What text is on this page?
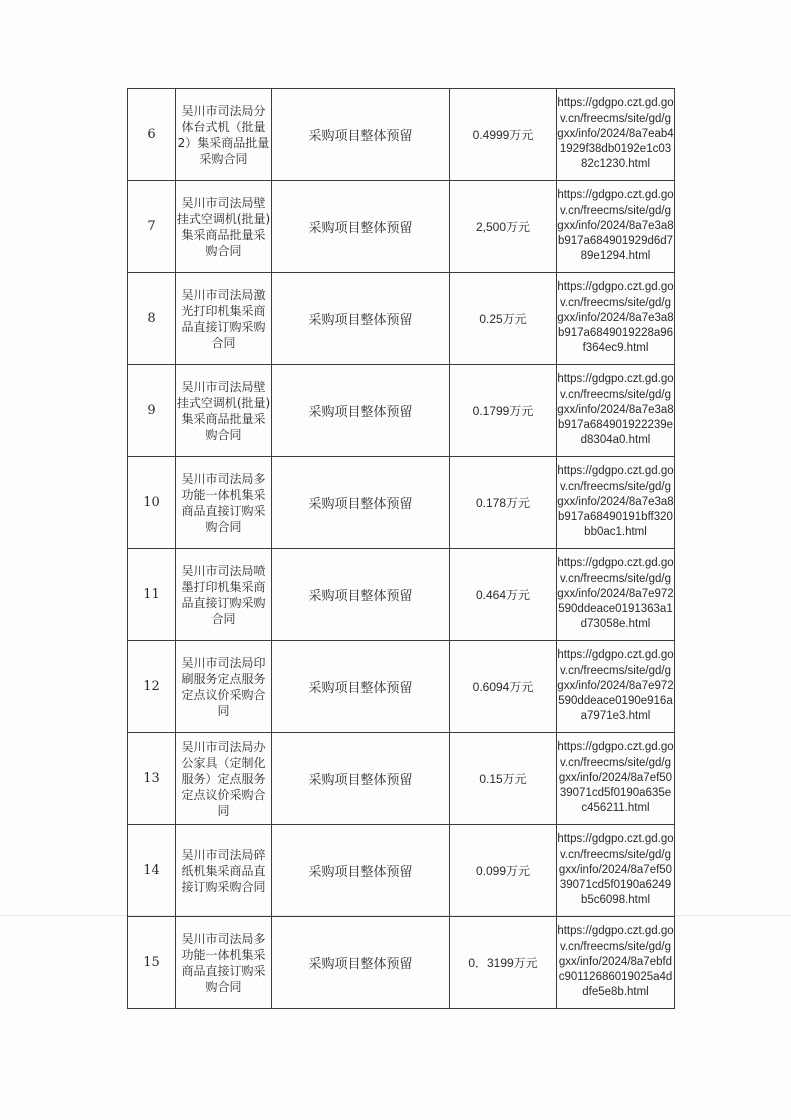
6	吴川市司法局分体台式机（批量2）集采商品批量采购合同	采购项目整体预留	0.4999万元	https://gdgpo.czt.gd.gov.cn/freecms/site/gd/ggxx/info/2024/8a7eab41929f38db0192e1c0382c1230.html
7	吴川市司法局壁挂式空调机(批量)集采商品批量采购合同	采购项目整体预留	2,500万元	https://gdgpo.czt.gd.gov.cn/freecms/site/gd/ggxx/info/2024/8a7e3a8b917a684901929d6d789e1294.html
8	吴川市司法局激光打印机集采商品直接订购采购合同	采购项目整体预留	0.25万元	https://gdgpo.czt.gd.gov.cn/freecms/site/gd/ggxx/info/2024/8a7e3a8b917a6849019228a96f364ec9.html
9	吴川市司法局壁挂式空调机(批量)集采商品批量采购合同	采购项目整体预留	0.1799万元	https://gdgpo.czt.gd.gov.cn/freecms/site/gd/ggxx/info/2024/8a7e3a8b917a684901922239ed8304a0.html
10	吴川市司法局多功能一体机集采商品直接订购采购合同	采购项目整体预留	0.178万元	https://gdgpo.czt.gd.gov.cn/freecms/site/gd/ggxx/info/2024/8a7e3a8b917a68490191bff320bb0ac1.html
11	吴川市司法局喷墨打印机集采商品直接订购采购合同	采购项目整体预留	0.464万元	https://gdgpo.czt.gd.gov.cn/freecms/site/gd/ggxx/info/2024/8a7e972590ddeace0191363a1d73058e.html
12	吴川市司法局印刷服务定点服务定点议价采购合同	采购项目整体预留	0.6094万元	https://gdgpo.czt.gd.gov.cn/freecms/site/gd/ggxx/info/2024/8a7e972590ddeace0190e916aa7971e3.html
13	吴川市司法局办公家具（定制化服务）定点服务定点议价采购合同	采购项目整体预留	0.15万元	https://gdgpo.czt.gd.gov.cn/freecms/site/gd/ggxx/info/2024/8a7ef5039071cd5f0190a635ec456211.html
14	吴川市司法局碎纸机集采商品直接订购采购合同	采购项目整体预留	0.099万元	https://gdgpo.czt.gd.gov.cn/freecms/site/gd/ggxx/info/2024/8a7ef5039071cd5f0190a6249b5c6098.html
15	吴川市司法局多功能一体机集采商品直接订购采购合同	采购项目整体预留	0．3199万元	https://gdgpo.czt.gd.gov.cn/freecms/site/gd/ggxx/info/2024/8a7ebfdc90112686019025a4ddfe5e8b.html
